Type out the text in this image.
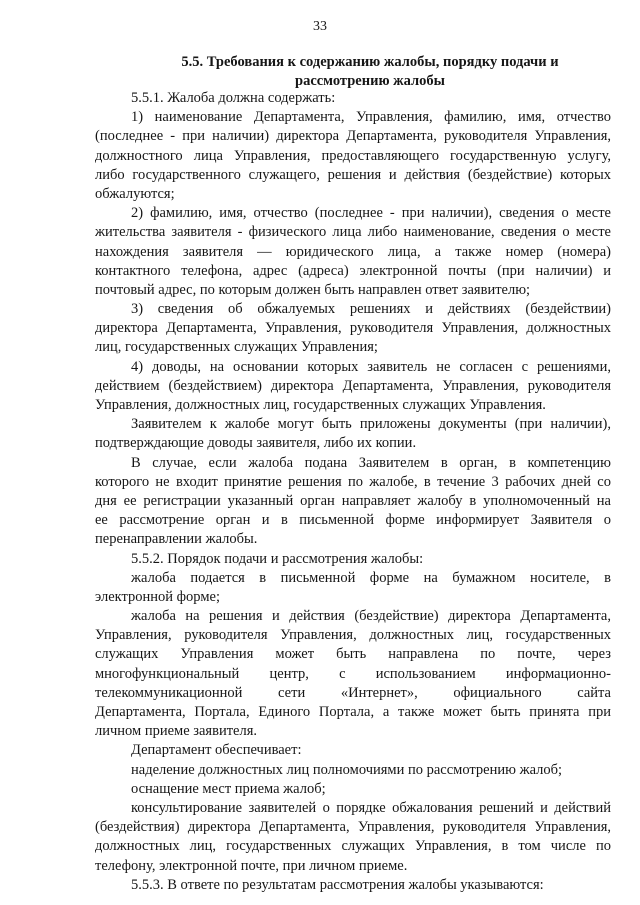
33
5.5. Требования к содержанию жалобы, порядку подачи и
рассмотрению жалобы
5.5.1. Жалоба должна содержать:
1) наименование Департамента, Управления, фамилию, имя, отчество
(последнее - при наличии) директора Департамента, руководителя Управления,
должностного лица Управления, предоставляющего государственную услугу,
либо государственного служащего, решения и действия (бездействие) которых
обжалуются;
2) фамилию, имя, отчество (последнее - при наличии), сведения о месте
жительства заявителя - физического лица либо наименование, сведения о месте
нахождения заявителя — юридического лица, а также номер (номера)
контактного телефона, адрес (адреса) электронной почты (при наличии) и
почтовый адрес, по которым должен быть направлен ответ заявителю;
3) сведения об обжалуемых решениях и действиях (бездействии)
директора Департамента, Управления, руководителя Управления, должностных
лиц, государственных служащих Управления;
4) доводы, на основании которых заявитель не согласен с решениями,
действием (бездействием) директора Департамента, Управления, руководителя
Управления, должностных лиц, государственных служащих Управления.
Заявителем к жалобе могут быть приложены документы (при наличии),
подтверждающие доводы заявителя, либо их копии.
В случае, если жалоба подана Заявителем в орган, в компетенцию
которого не входит принятие решения по жалобе, в течение 3 рабочих дней со
дня ее регистрации указанный орган направляет жалобу в уполномоченный на
ее рассмотрение орган и в письменной форме информирует Заявителя о
перенаправлении жалобы.
5.5.2. Порядок подачи и рассмотрения жалобы:
жалоба подается в письменной форме на бумажном носителе, в
электронной форме;
жалоба на решения и действия (бездействие) директора Департамента,
Управления, руководителя Управления, должностных лиц, государственных
служащих Управления может быть направлена по почте, через
многофункциональный центр, с использованием информационно-
телекоммуникационной сети «Интернет», официального сайта
Департамента, Портала, Единого Портала, а также может быть принята при
личном приеме заявителя.
Департамент обеспечивает:
наделение должностных лиц полномочиями по рассмотрению жалоб;
оснащение мест приема жалоб;
консультирование заявителей о порядке обжалования решений и действий
(бездействия) директора Департамента, Управления, руководителя Управления,
должностных лиц, государственных служащих Управления, в том числе по
телефону, электронной почте, при личном приеме.
5.5.3. В ответе по результатам рассмотрения жалобы указываются:
